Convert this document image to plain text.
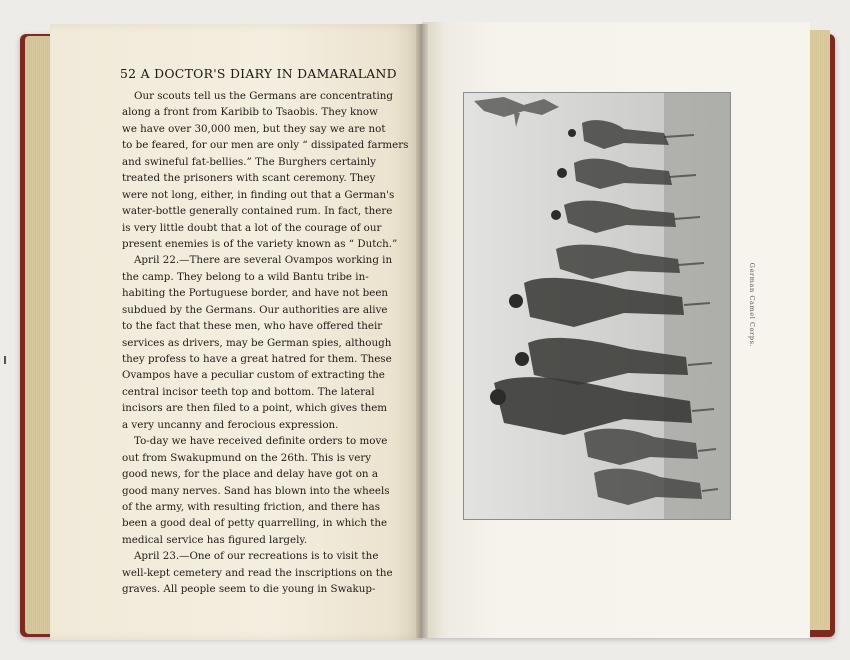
52 A DOCTOR'S DIARY IN DAMARALAND
Our scouts tell us the Germans are concentrating
along a front from Karibib to Tsaobis. They know
we have over 30,000 men, but they say we are not
to be feared, for our men are only “ dissipated farmers
and swineful fat-bellies.” The Burghers certainly
treated the prisoners with scant ceremony. They
were not long, either, in finding out that a German's
water-bottle generally contained rum. In fact, there
is very little doubt that a lot of the courage of our
present enemies is of the variety known as “ Dutch.”
April 22.—There are several Ovampos working in
the camp. They belong to a wild Bantu tribe in-
habiting the Portuguese border, and have not been
subdued by the Germans. Our authorities are alive
to the fact that these men, who have offered their
services as drivers, may be German spies, although
they profess to have a great hatred for them. These
Ovampos have a peculiar custom of extracting the
central incisor teeth top and bottom. The lateral
incisors are then filed to a point, which gives them
a very uncanny and ferocious expression.
To-day we have received definite orders to move
out from Swakupmund on the 26th. This is very
good news, for the place and delay have got on a
good many nerves. Sand has blown into the wheels
of the army, with resulting friction, and there has
been a good deal of petty quarrelling, in which the
medical service has figured largely.
April 23.—One of our recreations is to visit the
well-kept cemetery and read the inscriptions on the
graves. All people seem to die young in Swakup-
German Camel Corps.
